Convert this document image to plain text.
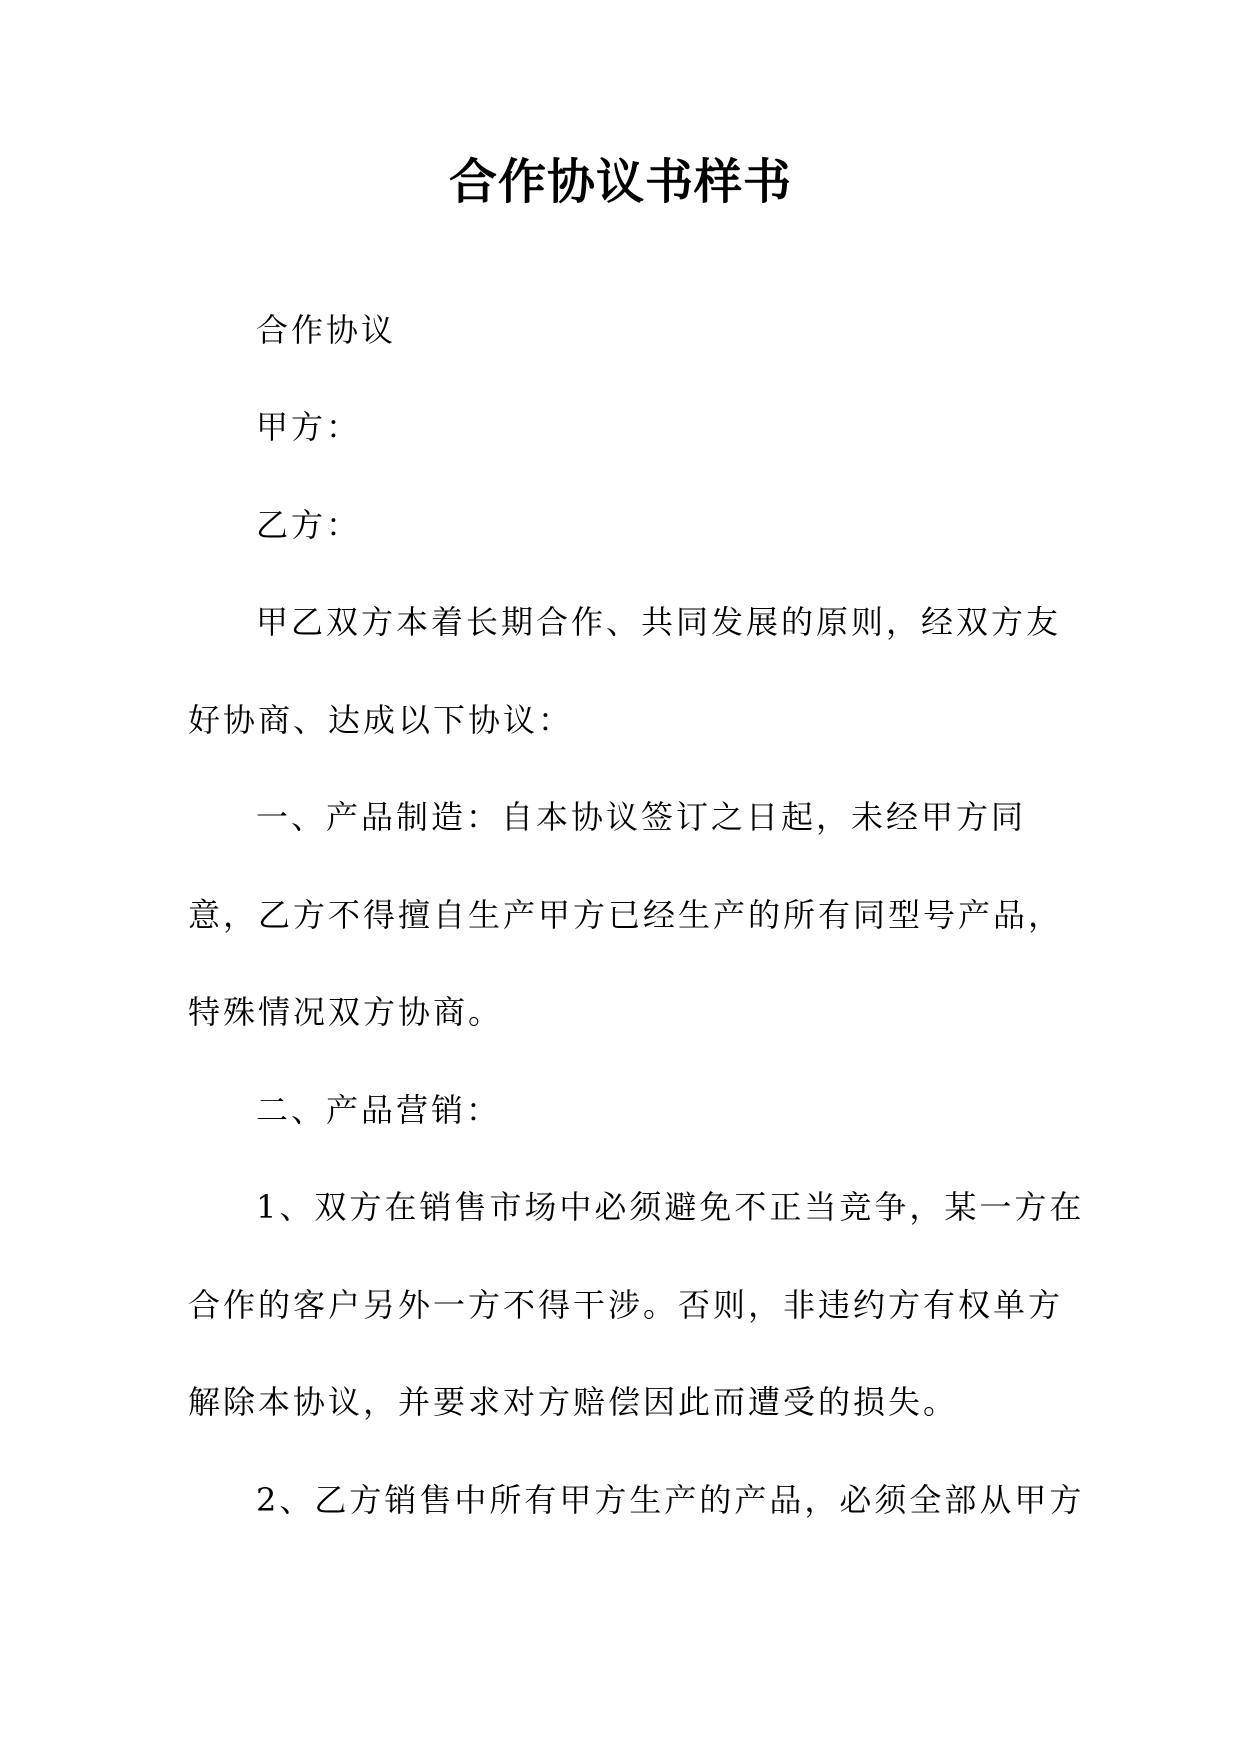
合作协议书样书
合作协议
甲方：
乙方：
甲乙双方本着长期合作、共同发展的原则，经双方友
好协商、达成以下协议：
一、产品制造：自本协议签订之日起，未经甲方同
意，乙方不得擅自生产甲方已经生产的所有同型号产品，
特殊情况双方协商。
二、产品营销：
1、双方在销售市场中必须避免不正当竞争，某一方在
合作的客户另外一方不得干涉。否则，非违约方有权单方
解除本协议，并要求对方赔偿因此而遭受的损失。
2、乙方销售中所有甲方生产的产品，必须全部从甲方
